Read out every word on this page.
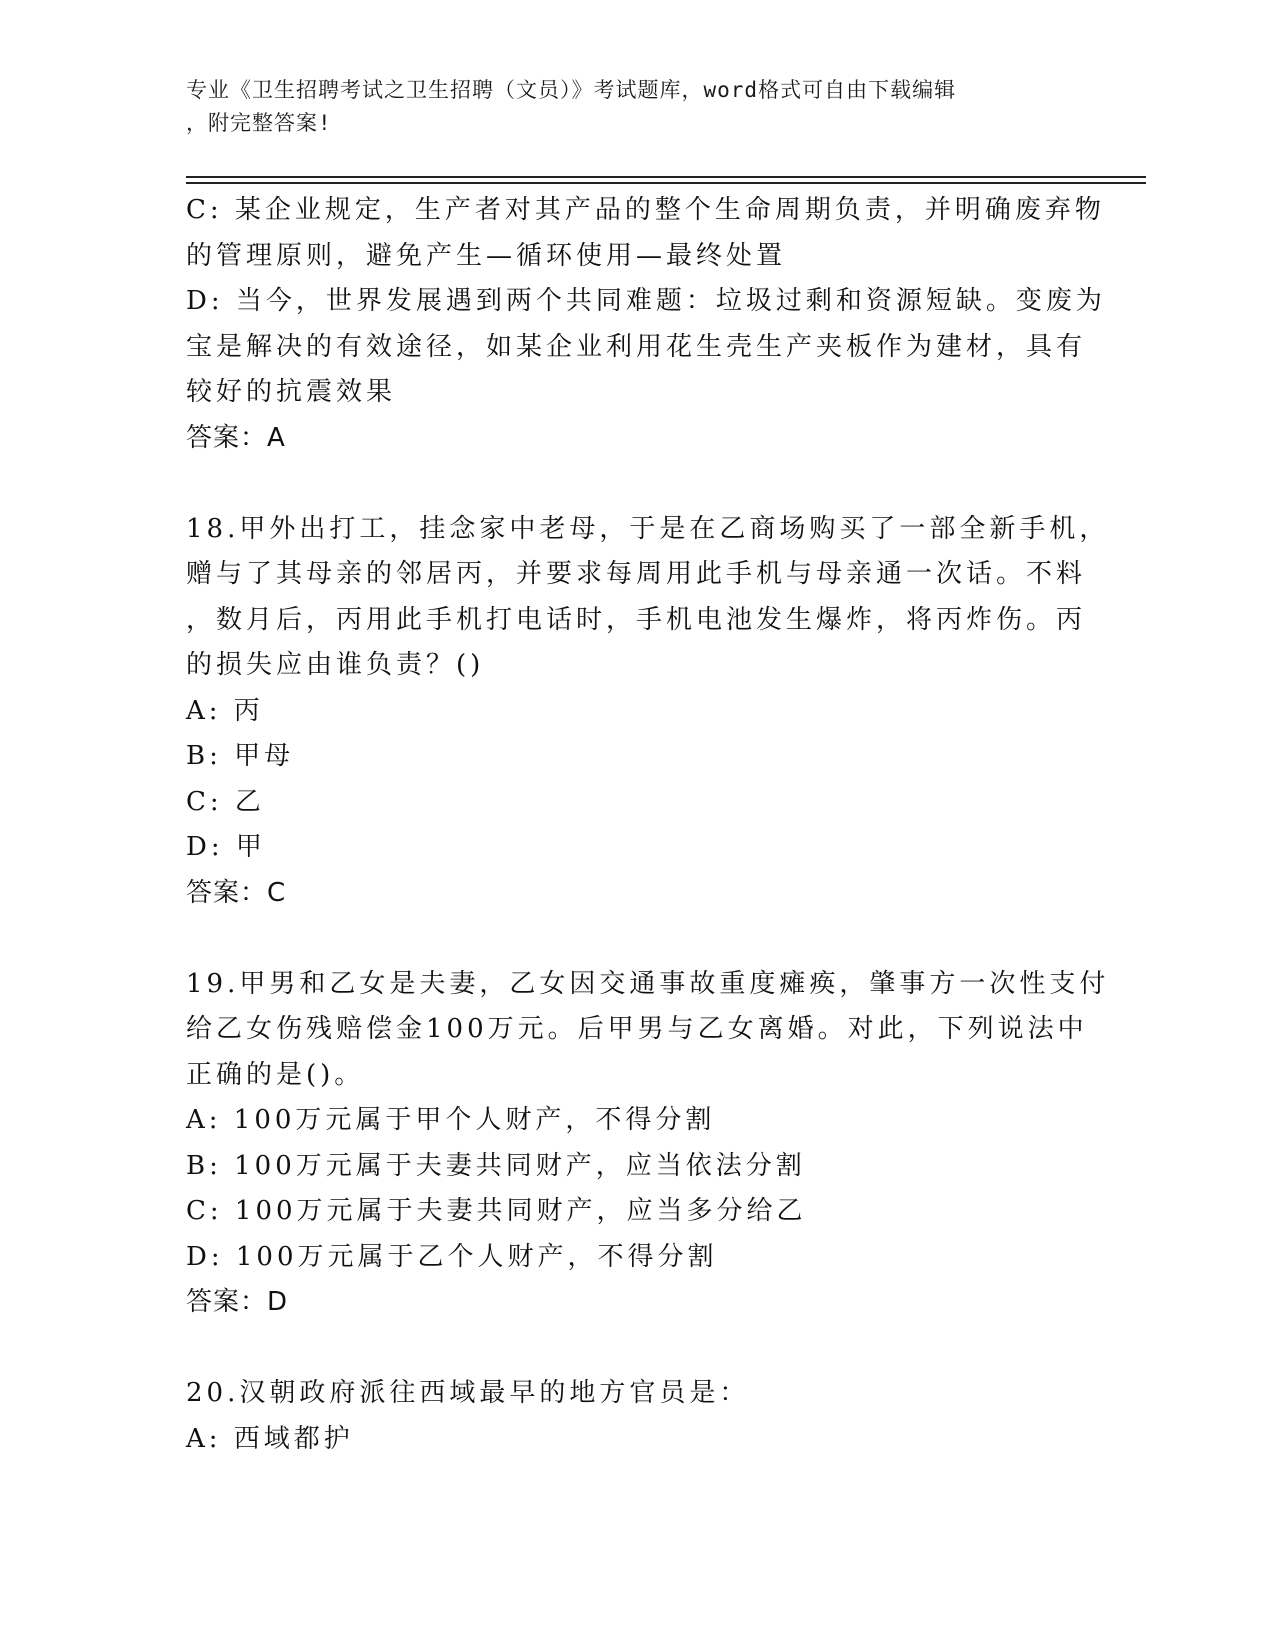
专业《卫生招聘考试之卫生招聘（文员）》考试题库，word格式可自由下载编辑
，附完整答案!
C: 某企业规定，生产者对其产品的整个生命周期负责，并明确废弃物
的管理原则，避免产生—循环使用—最终处置
D: 当今，世界发展遇到两个共同难题：垃圾过剩和资源短缺。变废为
宝是解决的有效途径，如某企业利用花生壳生产夹板作为建材，具有
较好的抗震效果
答案：A
18.甲外出打工，挂念家中老母，于是在乙商场购买了一部全新手机，
赠与了其母亲的邻居丙，并要求每周用此手机与母亲通一次话。不料
，数月后，丙用此手机打电话时，手机电池发生爆炸，将丙炸伤。丙
的损失应由谁负责？()
A: 丙
B: 甲母
C: 乙
D: 甲
答案：C
19.甲男和乙女是夫妻，乙女因交通事故重度瘫痪，肇事方一次性支付
给乙女伤残赔偿金100万元。后甲男与乙女离婚。对此，下列说法中
正确的是()。
A: 100万元属于甲个人财产，不得分割
B: 100万元属于夫妻共同财产，应当依法分割
C: 100万元属于夫妻共同财产，应当多分给乙
D: 100万元属于乙个人财产，不得分割
答案：D
20.汉朝政府派往西域最早的地方官员是：
A: 西域都护
